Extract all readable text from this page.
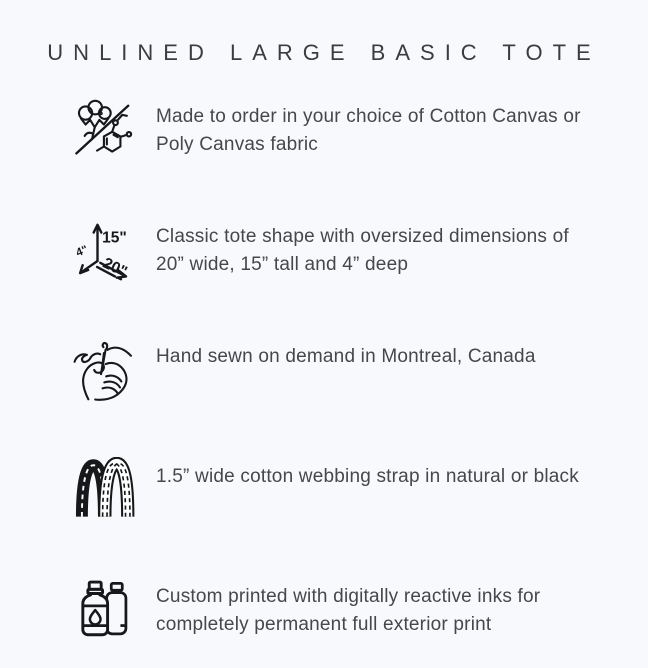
UNLINED LARGE BASIC TOTE

Made to order in your choice of Cotton Canvas or Poly Canvas fabric

15"
4"
20"

Classic tote shape with oversized dimensions of 20” wide, 15” tall and 4” deep

Hand sewn on demand in Montreal, Canada

1.5” wide cotton webbing strap in natural or black

Custom printed with digitally reactive inks for completely permanent full exterior print
